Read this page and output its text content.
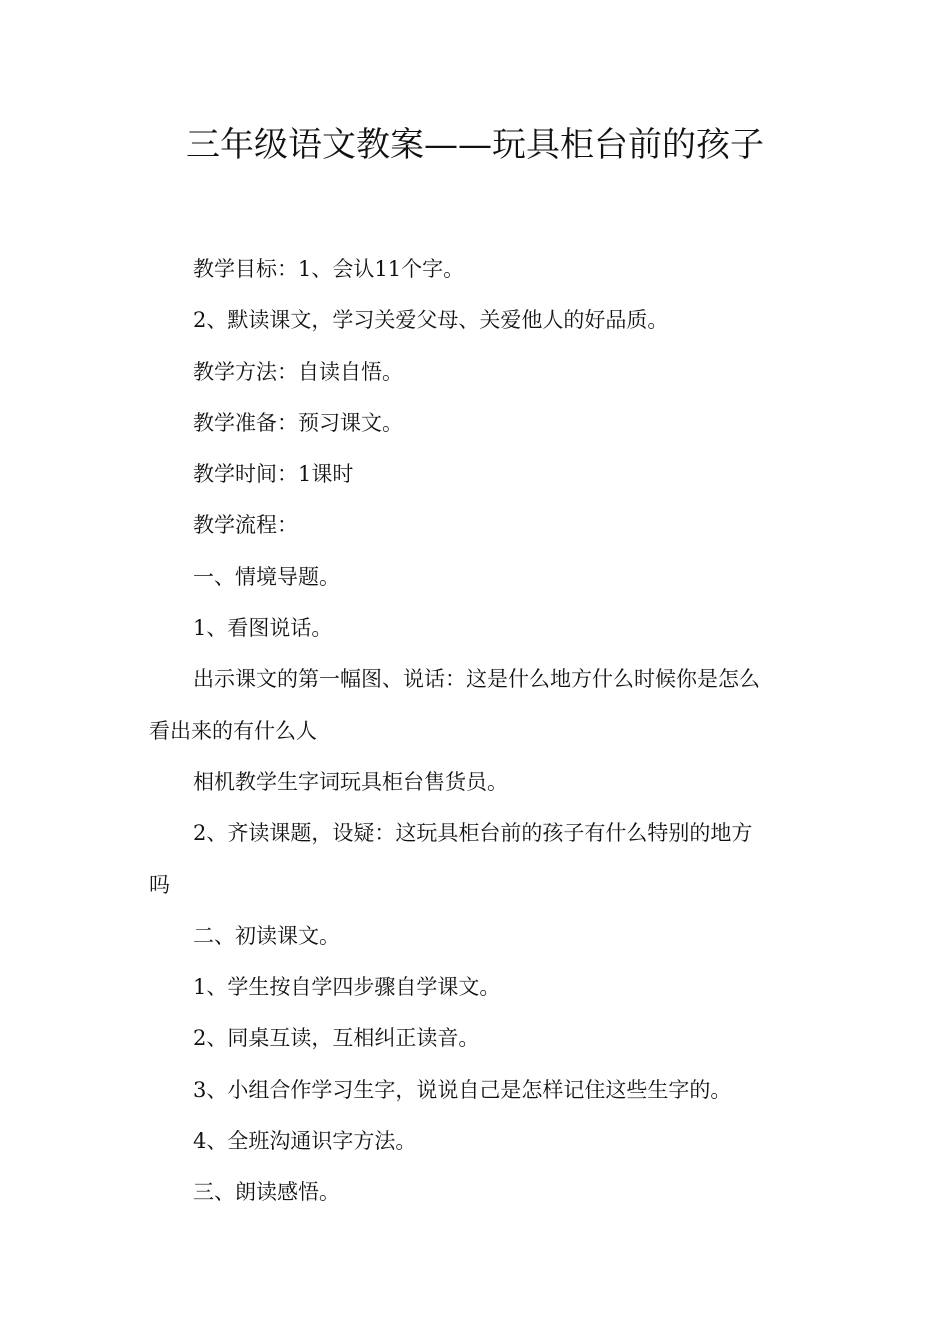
三年级语文教案——玩具柜台前的孩子

教学目标：1、会认11个字。

2、默读课文，学习关爱父母、关爱他人的好品质。

教学方法：自读自悟。

教学准备：预习课文。

教学时间：1课时

教学流程：

一、情境导题。

1、看图说话。

出示课文的第一幅图、说话：这是什么地方什么时候你是怎么
看出来的有什么人

相机教学生字词玩具柜台售货员。

2、齐读课题，设疑：这玩具柜台前的孩子有什么特别的地方
吗

二、初读课文。

1、学生按自学四步骤自学课文。

2、同桌互读，互相纠正读音。

3、小组合作学习生字，说说自己是怎样记住这些生字的。

4、全班沟通识字方法。

三、朗读感悟。
